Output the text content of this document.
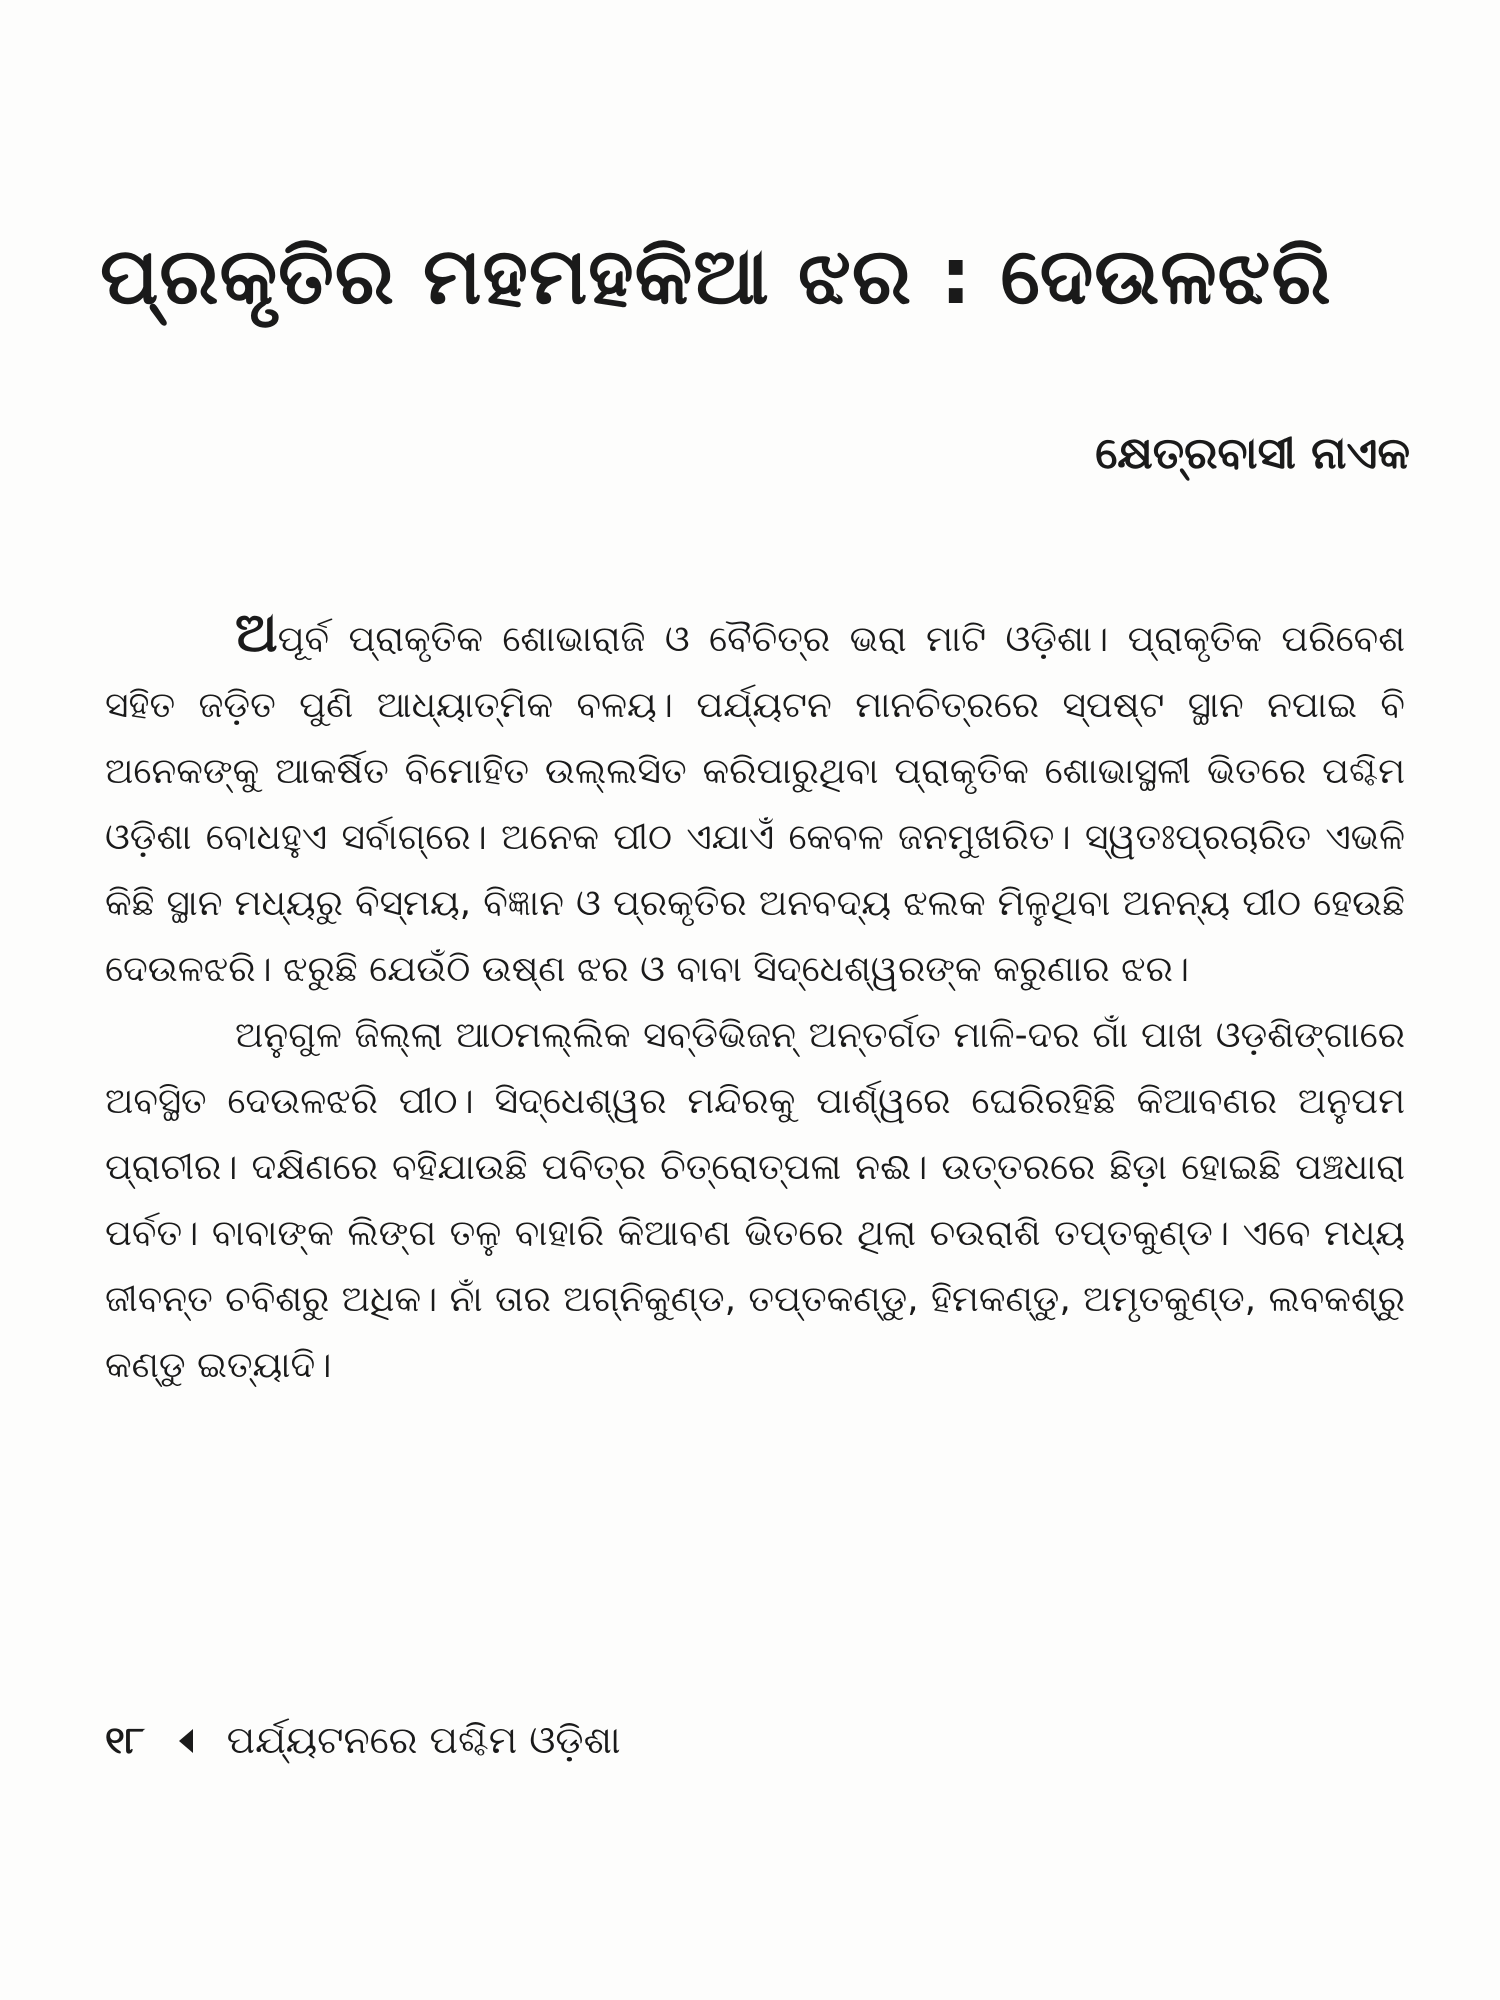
ପ୍ରକୃତିର ମହମହକିଆ ଝର : ଦେଉଳଝରି
କ୍ଷେତ୍ରବାସୀ ନାଏକ

ଅପୂର୍ବ ପ୍ରାକୃତିକ ଶୋଭାରାଜି ଓ ବୈଚିତ୍ର ଭରା ମାଟି ଓଡ଼ିଶା। ପ୍ରାକୃତିକ ପରିବେଶ ସହିତ ଜଡ଼ିତ ପୁଣି ଆଧ୍ୟାତ୍ମିକ ବଳୟ। ପର୍ଯ୍ୟଟନ ମାନଚିତ୍ରରେ ସ୍ପଷ୍ଟ ସ୍ଥାନ ନପାଇ ବି ଅନେକଙ୍କୁ ଆକର୍ଷିତ ବିମୋହିତ ଉଲ୍ଲସିତ କରିପାରୁଥିବା ପ୍ରାକୃତିକ ଶୋଭାସ୍ଥଳୀ ଭିତରେ ପଶ୍ଚିମ ଓଡ଼ିଶା ବୋଧହୁଏ ସର୍ବାଗ୍ରେ। ଅନେକ ପୀଠ ଏଯାଏଁ କେବଳ ଜନମୁଖରିତ। ସ୍ୱତଃପ୍ରଚାରିତ ଏଭଳି କିଛି ସ୍ଥାନ ମଧ୍ୟରୁ ବିସ୍ମୟ, ବିଜ୍ଞାନ ଓ ପ୍ରକୃତିର ଅନବଦ୍ୟ ଝଲକ ମିଳୁଥିବା ଅନନ୍ୟ ପୀଠ ହେଉଛି ଦେଉଳଝରି। ଝରୁଛି ଯେଉଁଠି ଉଷ୍ଣ ଝର ଓ ବାବା ସିଦ୍ଧେଶ୍ୱରଙ୍କ କରୁଣାର ଝର।

ଅନୁଗୁଳ ଜିଲ୍ଲା ଆଠମଲ୍ଲିକ ସବ୍‌ଡିଭିଜନ୍ ଅନ୍ତର୍ଗତ ମାଳି-ଦର ଗାଁ ପାଖ ଓଡ଼ଶିଙ୍ଗାରେ ଅବସ୍ଥିତ ଦେଉଳଝରି ପୀଠ। ସିଦ୍ଧେଶ୍ୱର ମନ୍ଦିରକୁ ପାର୍ଶ୍ୱରେ ଘେରିରହିଛି କିଆବଣର ଅନୁପମ ପ୍ରାଚୀର। ଦକ୍ଷିଣରେ ବହିଯାଉଛି ପବିତ୍ର ଚିତ୍ରୋତ୍ପଳା ନଈ। ଉତ୍ତରରେ ଛିଡ଼ା ହୋଇଛି ପଞ୍ଚଧାରା ପର୍ବତ। ବାବାଙ୍କ ଲିଙ୍ଗ ତଳୁ ବାହାରି କିଆବଣ ଭିତରେ ଥିଲା ଚଉରାଶି ତପ୍ତକୁଣ୍ଡ। ଏବେ ମଧ୍ୟ ଜୀବନ୍ତ ଚବିଶରୁ ଅଧିକ। ନାଁ ତାର ଅଗ୍ନିକୁଣ୍ଡ, ତପ୍ତକଣ୍ଡୁ, ହିମକଣ୍ଡୁ, ଅମୃତକୁଣ୍ଡ, ଲବକଶ୍ରୁ କଣ୍ଡୁ ଇତ୍ୟାଦି।

୧୮ ପର୍ଯ୍ୟଟନରେ ପଶ୍ଚିମ ଓଡ଼ିଶା
